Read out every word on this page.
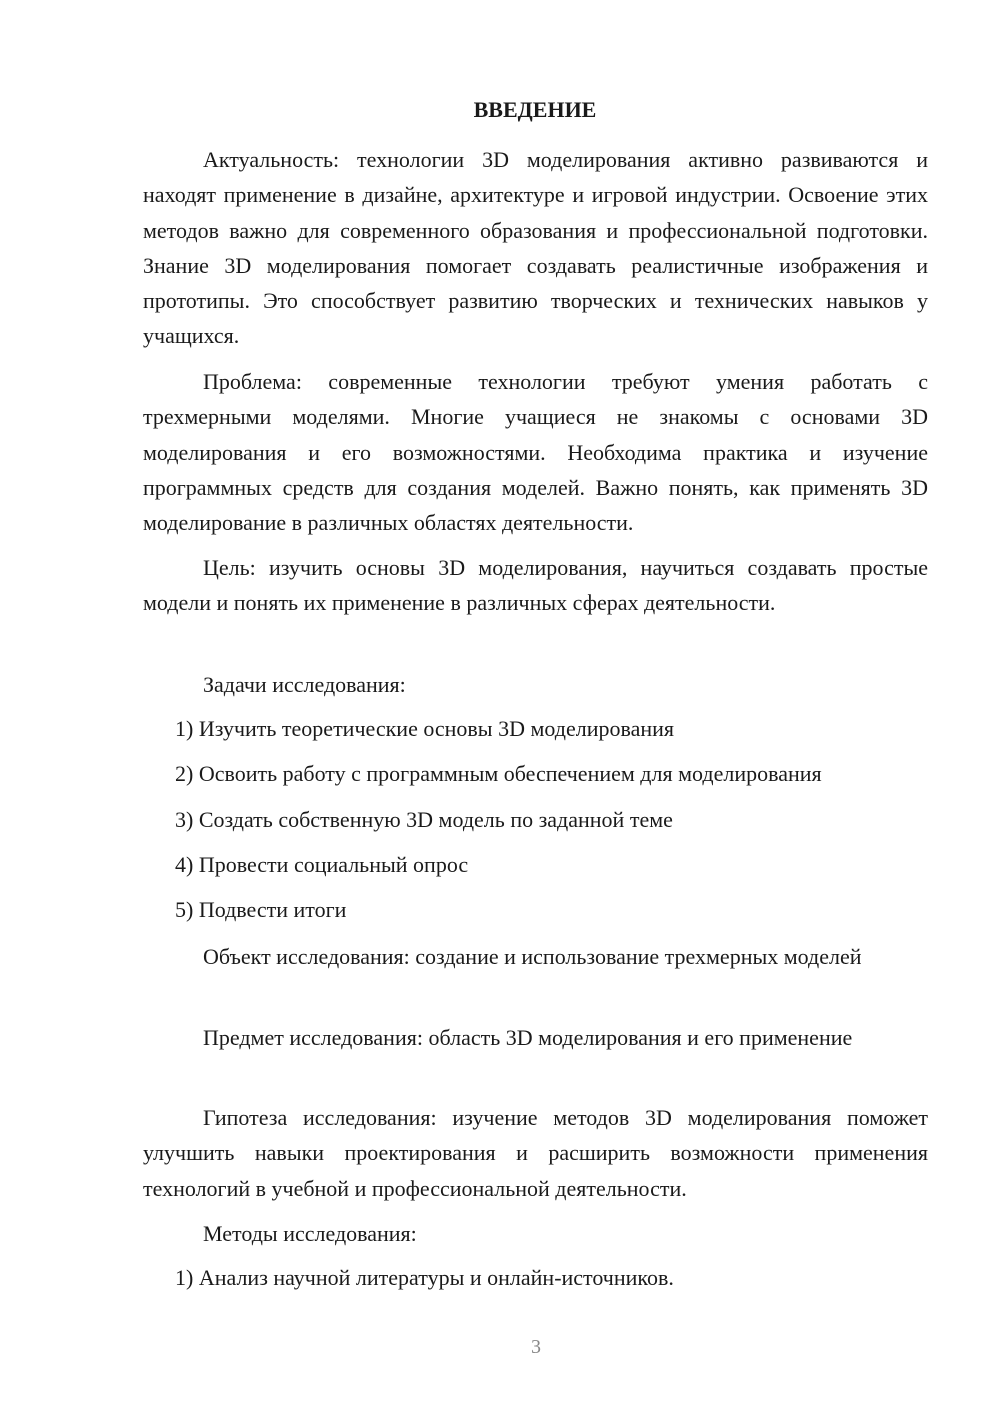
ВВЕДЕНИЕ

Актуальность: технологии 3D моделирования активно развиваются и находят применение в дизайне, архитектуре и игровой индустрии. Освоение этих методов важно для современного образования и профессиональной подготовки. Знание 3D моделирования помогает создавать реалистичные изображения и прототипы. Это способствует развитию творческих и технических навыков у учащихся.

Проблема: современные технологии требуют умения работать с трехмерными моделями. Многие учащиеся не знакомы с основами 3D моделирования и его возможностями. Необходима практика и изучение программных средств для создания моделей. Важно понять, как применять 3D моделирование в различных областях деятельности.

Цель: изучить основы 3D моделирования, научиться создавать простые модели и понять их применение в различных сферах деятельности.

Задачи исследования:

1) Изучить теоретические основы 3D моделирования

2) Освоить работу с программным обеспечением для моделирования

3) Создать собственную 3D модель по заданной теме

4) Провести социальный опрос

5) Подвести итоги

Объект исследования: создание и использование трехмерных моделей

Предмет исследования: область 3D моделирования и его применение

Гипотеза исследования: изучение методов 3D моделирования поможет улучшить навыки проектирования и расширить возможности применения технологий в учебной и профессиональной деятельности.

Методы исследования:

1) Анализ научной литературы и онлайн-источников.

3
